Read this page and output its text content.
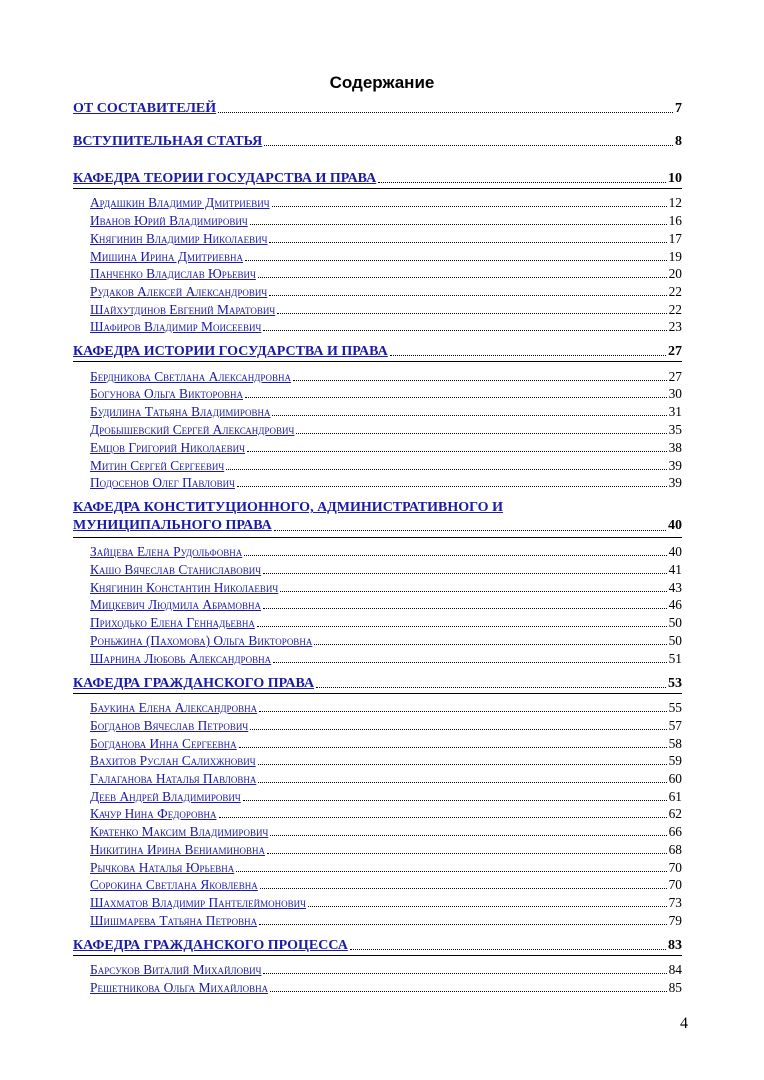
Содержание
ОТ СОСТАВИТЕЛЕЙ	7
ВСТУПИТЕЛЬНАЯ СТАТЬЯ	8
КАФЕДРА ТЕОРИИ ГОСУДАРСТВА И ПРАВА	10
Ардашкин Владимир Дмитриевич	12
Иванов Юрий Владимирович	16
Княгинин Владимир Николаевич	17
Мишина Ирина Дмитриевна	19
Панченко Владислав Юрьевич	20
Рудаков Алексей Александрович	22
Шайхутдинов Евгений Маратович	22
Шафиров Владимир Моисеевич	23
КАФЕДРА ИСТОРИИ ГОСУДАРСТВА И ПРАВА	27
Бердникова Светлана Александровна	27
Богунова Ольга Викторовна	30
Будилина Татьяна Владимировна	31
Дробышевский Сергей Александрович	35
Емцов Григорий Николаевич	38
Митин Сергей Сергеевич	39
Подосенов Олег Павлович	39
КАФЕДРА КОНСТИТУЦИОННОГО, АДМИНИСТРАТИВНОГО И
МУНИЦИПАЛЬНОГО ПРАВА	40
Зайцева Елена Рудольфовна	40
Кашо Вячеслав Станиславович	41
Княгинин Константин Николаевич	43
Мицкевич Людмила Абрамовна	46
Приходько Елена Геннадьевна	50
Роньжина (Пахомова) Ольга Викторовна	50
Шарнина Любовь Александровна	51
КАФЕДРА ГРАЖДАНСКОГО ПРАВА	53
Баукина Елена Александровна	55
Богданов Вячеслав Петрович	57
Богданова Инна Сергеевна	58
Вахитов Руслан Салихжнович	59
Галаганова Наталья Павловна	60
Деев Андрей Владимирович	61
Качур Нина Федоровна	62
Кратенко Максим Владимирович	66
Никитина Ирина Вениаминовна	68
Рычкова Наталья Юрьевна	70
Сорокина Светлана Яковлевна	70
Шахматов Владимир Пантелеймонович	73
Шишмарева Татьяна Петровна	79
КАФЕДРА ГРАЖДАНСКОГО ПРОЦЕССА	83
Барсуков Виталий Михайлович	84
Решетникова Ольга Михайловна	85
4
